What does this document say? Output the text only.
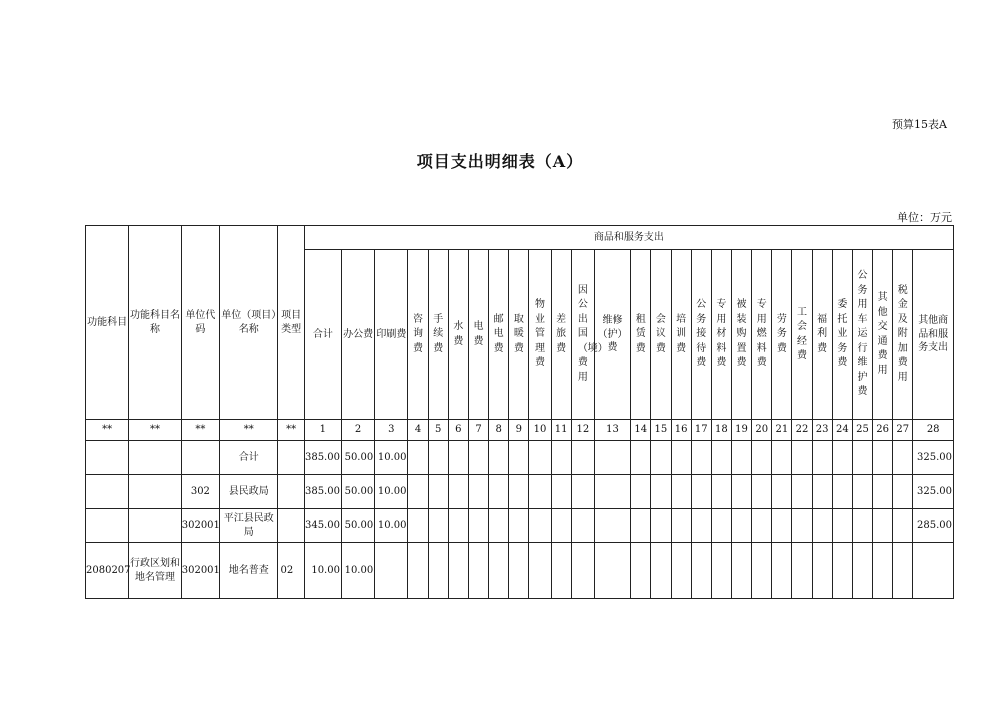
预算15表A
项目支出明细表（A）
单位：万元
功能科目	功能科目名称	单位代码	单位（项目）名称	项目类型	商品和服务支出																											
					合计	办公费	印刷费	咨询费	手续费	水费	电费	邮电费	取暖费	物业管理费	差旅费	因公出国（境）费用	维修（护）费	租赁费	会议费	培训费	公务接待费	专用材料费	被装购置费	专用燃料费	劳务费	工会经费	福利费	委托业务费	公务用车运行维护费	其他交通费用	税金及附加费用	其他商品和服务支出
**	**	**	**	**	1	2	3	4	5	6	7	8	9	10	11	12	13	14	15	16	17	18	19	20	21	22	23	24	25	26	27	28
			合计		385.00	50.00	10.00																									325.00
		302	县民政局		385.00	50.00	10.00																									325.00
		302001	平江县民政局		345.00	50.00	10.00																									285.00
2080207	行政区划和地名管理	302001	地名普查	02	10.00	10.00																										
